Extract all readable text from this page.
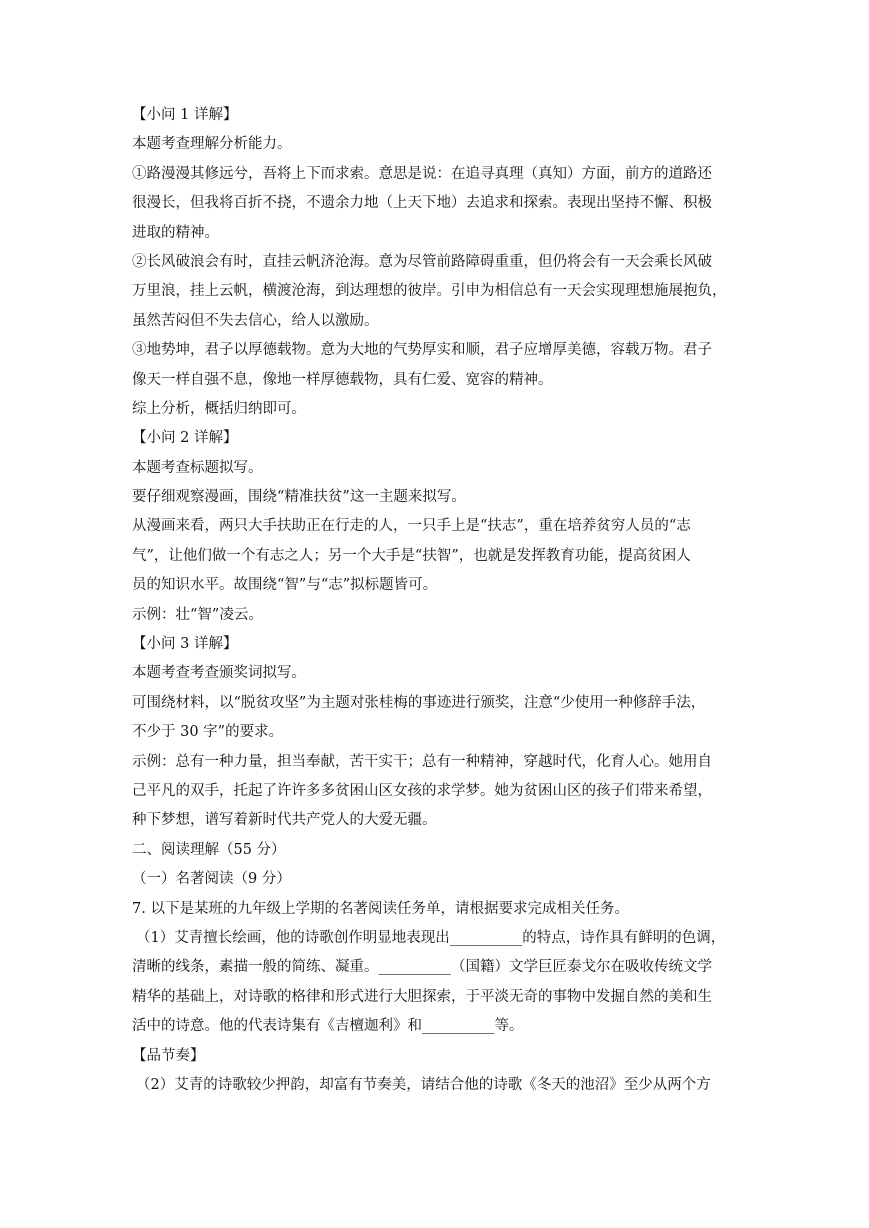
【小问 1 详解】
本题考查理解分析能力。
①路漫漫其修远兮，吾将上下而求索。意思是说：在追寻真理（真知）方面，前方的道路还
很漫长，但我将百折不挠，不遗余力地（上天下地）去追求和探索。表现出坚持不懈、积极
进取的精神。
②长风破浪会有时，直挂云帆济沧海。意为尽管前路障碍重重，但仍将会有一天会乘长风破
万里浪，挂上云帆，横渡沧海，到达理想的彼岸。引申为相信总有一天会实现理想施展抱负，
虽然苦闷但不失去信心，给人以激励。
③地势坤，君子以厚德载物。意为大地的气势厚实和顺，君子应增厚美德，容载万物。君子
像天一样自强不息，像地一样厚德载物，具有仁爱、宽容的精神。
综上分析，概括归纳即可。
【小问 2 详解】
本题考查标题拟写。
要仔细观察漫画，围绕“精准扶贫”这一主题来拟写。
从漫画来看，两只大手扶助正在行走的人，一只手上是“扶志”，重在培养贫穷人员的“志
气”，让他们做一个有志之人；另一个大手是“扶智”，也就是发挥教育功能，提高贫困人
员的知识水平。故围绕“智”与“志”拟标题皆可。
示例：壮“智”凌云。
【小问 3 详解】
本题考查考查颁奖词拟写。
可围绕材料，以“脱贫攻坚”为主题对张桂梅的事迹进行颁奖，注意“少使用一种修辞手法，
不少于 30 字”的要求。
示例：总有一种力量，担当奉献，苦干实干；总有一种精神，穿越时代，化育人心。她用自
己平凡的双手，托起了许许多多贫困山区女孩的求学梦。她为贫困山区的孩子们带来希望，
种下梦想，谱写着新时代共产党人的大爱无疆。
二、阅读理解（55 分）
（一）名著阅读（9 分）
7. 以下是某班的九年级上学期的名著阅读任务单，请根据要求完成相关任务。
（1）艾青擅长绘画，他的诗歌创作明显地表现出__________的特点，诗作具有鲜明的色调，
清晰的线条，素描一般的简练、凝重。__________（国籍）文学巨匠泰戈尔在吸收传统文学
精华的基础上，对诗歌的格律和形式进行大胆探索，于平淡无奇的事物中发掘自然的美和生
活中的诗意。他的代表诗集有《吉檀迦利》和__________等。
【品节奏】
（2）艾青的诗歌较少押韵，却富有节奏美，请结合他的诗歌《冬天的池沼》至少从两个方
